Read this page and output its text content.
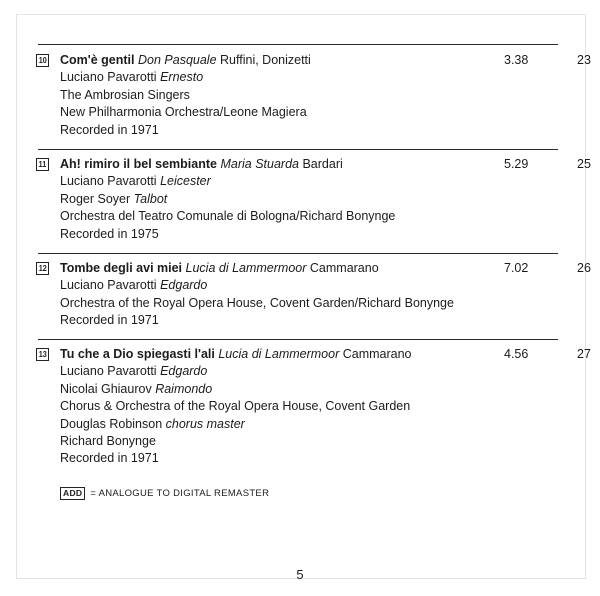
10 Com'è gentil Don Pasquale Ruffini, Donizetti
Luciano Pavarotti Ernesto
The Ambrosian Singers
New Philharmonia Orchestra/Leone Magiera
Recorded in 1971
3.38	23
11 Ah! rimiro il bel sembiante Maria Stuarda Bardari
Luciano Pavarotti Leicester
Roger Soyer Talbot
Orchestra del Teatro Comunale di Bologna/Richard Bonynge
Recorded in 1975
5.29	25
12 Tombe degli avi miei Lucia di Lammermoor Cammarano
Luciano Pavarotti Edgardo
Orchestra of the Royal Opera House, Covent Garden/Richard Bonynge
Recorded in 1971
7.02	26
13 Tu che a Dio spiegasti l'ali Lucia di Lammermoor Cammarano
Luciano Pavarotti Edgardo
Nicolai Ghiaurov Raimondo
Chorus & Orchestra of the Royal Opera House, Covent Garden
Douglas Robinson chorus master
Richard Bonynge
Recorded in 1971
4.56	27
ADD = ANALOGUE TO DIGITAL REMASTER
5
